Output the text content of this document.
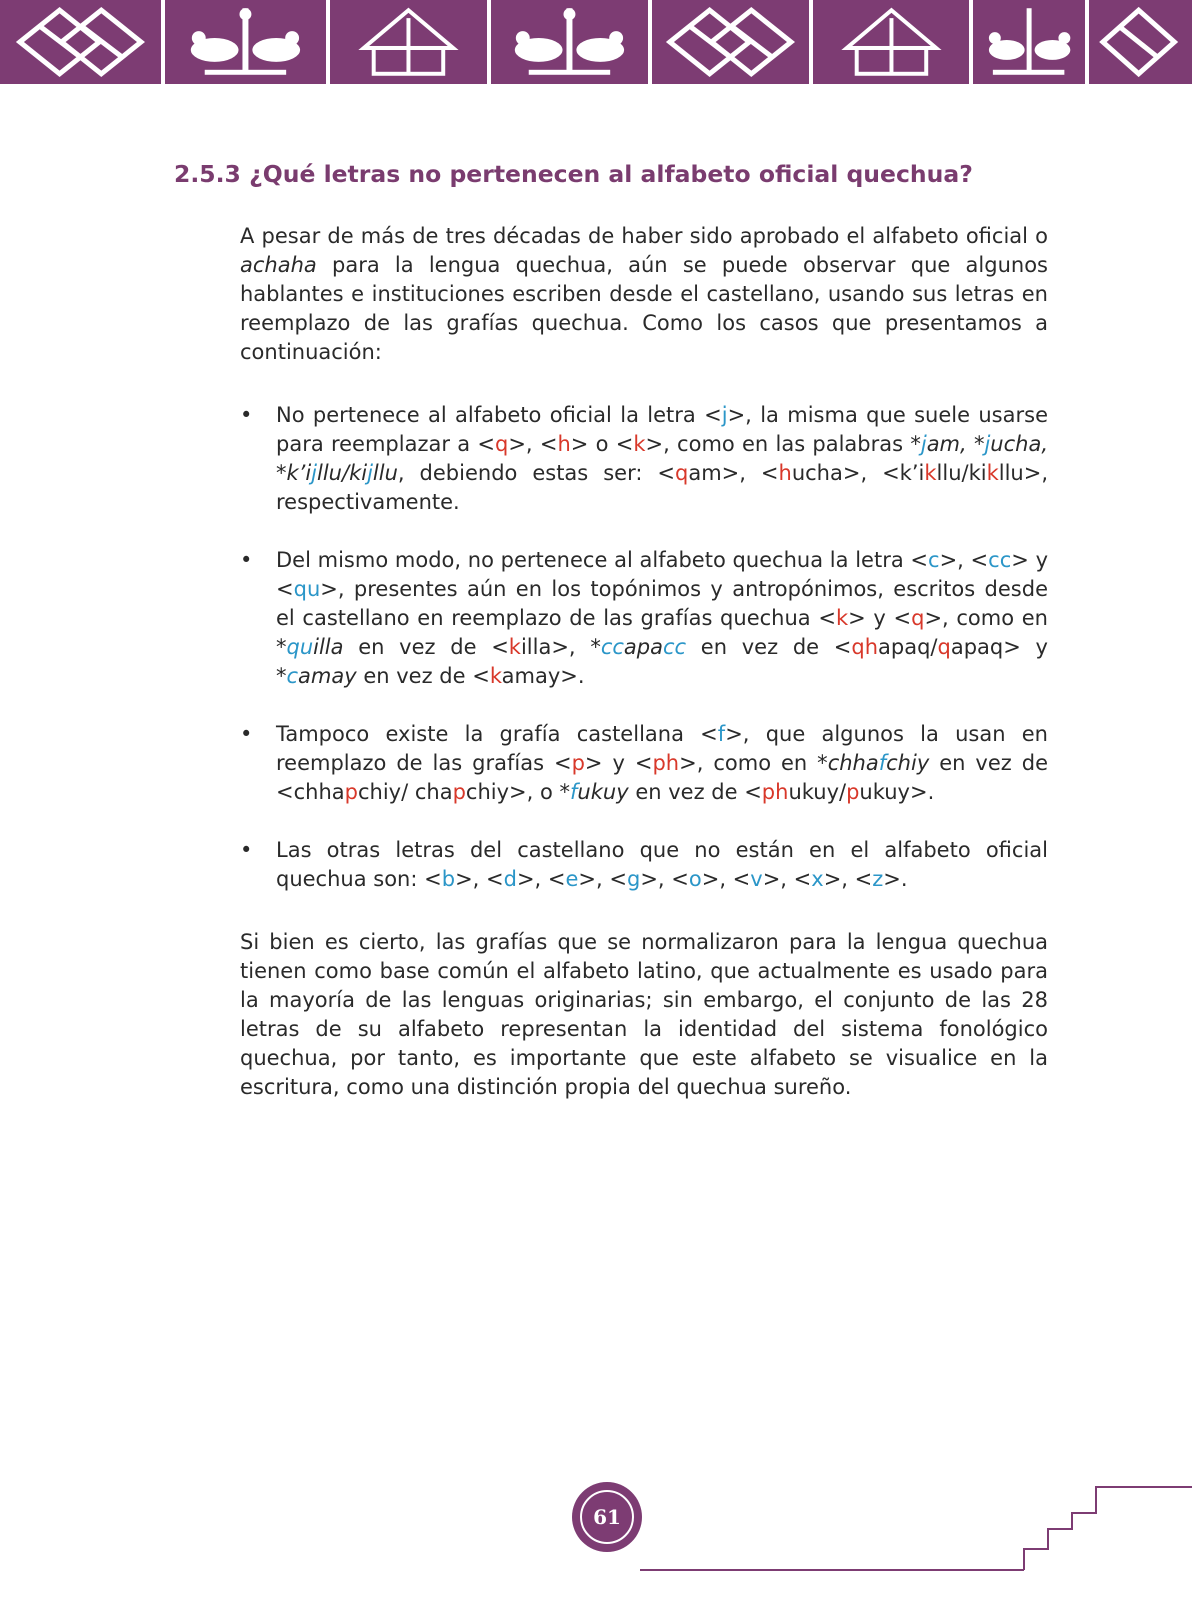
2.5.3 ¿Qué letras no pertenecen al alfabeto oficial quechua?

A pesar de más de tres décadas de haber sido aprobado el alfabeto oficial o achaha para la lengua quechua, aún se puede observar que algunos hablantes e instituciones escriben desde el castellano, usando sus letras en reemplazo de las grafías quechua. Como los casos que presentamos a continuación:

• No pertenece al alfabeto oficial la letra <j>, la misma que suele usarse para reemplazar a <q>, <h> o <k>, como en las palabras *jam, *jucha, *k’ijllu/kijllu, debiendo estas ser: <qam>, <hucha>, <k’ikllu/kikllu>, respectivamente.
• Del mismo modo, no pertenece al alfabeto quechua la letra <c>, <cc> y <qu>, presentes aún en los topónimos y antropónimos, escritos desde el castellano en reemplazo de las grafías quechua <k> y <q>, como en *quilla en vez de <killa>, *ccapacc en vez de <qhapaq/qapaq> y *camay en vez de <kamay>.
• Tampoco existe la grafía castellana <f>, que algunos la usan en reemplazo de las grafías <p> y <ph>, como en *chhafchiy en vez de <chhapchiy/ chapchiy>, o *fukuy en vez de <phukuy/pukuy>.
• Las otras letras del castellano que no están en el alfabeto oficial quechua son: <b>, <d>, <e>, <g>, <o>, <v>, <x>, <z>.

Si bien es cierto, las grafías que se normalizaron para la lengua quechua tienen como base común el alfabeto latino, que actualmente es usado para la mayoría de las lenguas originarias; sin embargo, el conjunto de las 28 letras de su alfabeto representan la identidad del sistema fonológico quechua, por tanto, es importante que este alfabeto se visualice en la escritura, como una distinción propia del quechua sureño.

61
